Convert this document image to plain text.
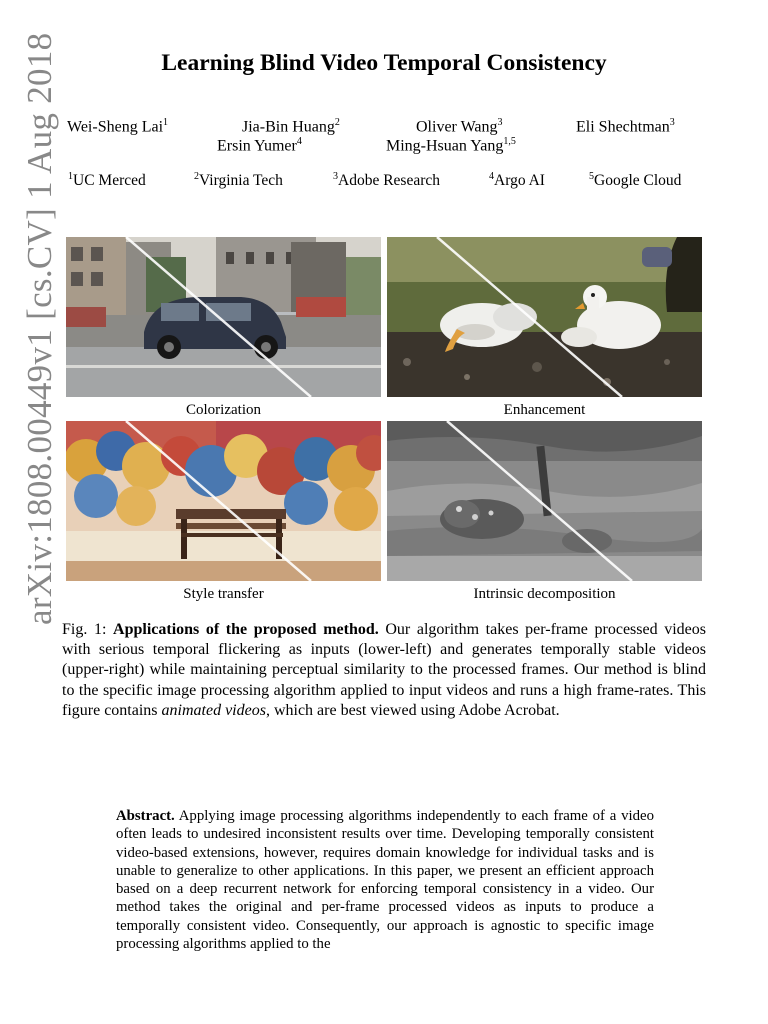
arXiv:1808.00449v1 [cs.CV] 1 Aug 2018	Learning Blind Video Temporal Consistency
Wei-Sheng Lai$^1$	Jia-Bin Huang$^2$	Oliver Wang$^3$	Eli Shechtman$^3$
Ersin Yumer$^4$	Ming-Hsuan Yang$^{1,5}$
$^1$UC Merced	$^2$Virginia Tech	$^3$Adobe Research	$^4$Argo AI	$^5$Google Cloud
Colorization	Enhancement
Style transfer	Intrinsic decomposition
Fig. 1: Applications of the proposed method. Our algorithm takes per-frame processed videos with serious temporal flickering as inputs (lower-left) and generates temporally stable videos (upper-right) while maintaining perceptual similarity to the processed frames. Our method is blind to the specific image processing algorithm applied to input videos and runs a high frame-rates. This figure contains animated videos, which are best viewed using Adobe Acrobat.
Abstract. Applying image processing algorithms independently to each frame of a video often leads to undesired inconsistent results over time. Developing temporally consistent video-based extensions, however, requires domain knowledge for individual tasks and is unable to generalize to other applications. In this paper, we present an efficient approach based on a deep recurrent network for enforcing temporal consistency in a video. Our method takes the original and per-frame processed videos as inputs to produce a temporally consistent video. Consequently, our approach is agnostic to specific image processing algorithms applied to the
